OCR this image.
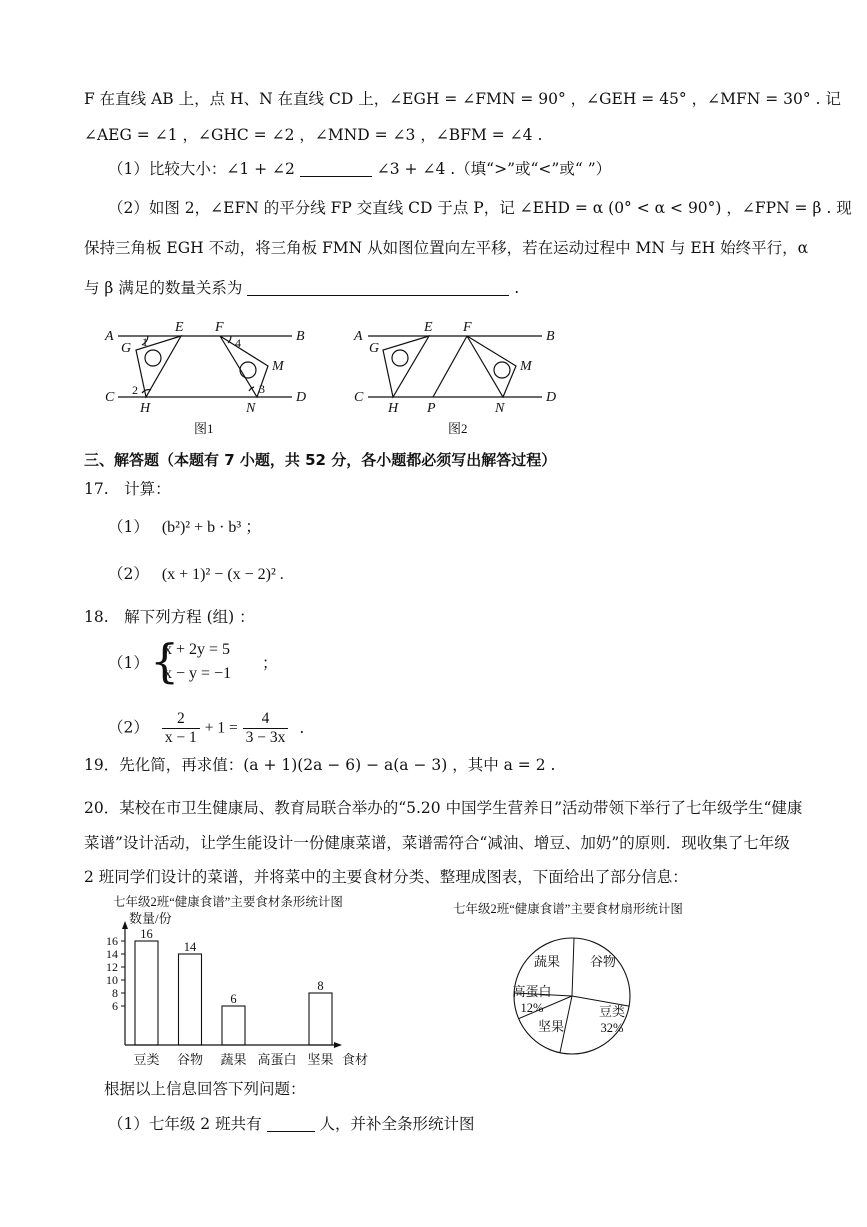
F 在直线 AB 上，点 H、N 在直线 CD 上，∠EGH = ∠FMN = 90° ，∠GEH = 45° ，∠MFN = 30° . 记
∠AEG = ∠1 ，∠GHC = ∠2 ，∠MND = ∠3 ，∠BFM = ∠4 .
（1）比较大小：∠1 + ∠2	∠3 + ∠4 .（填“>”或“<”或“ ”）
（2）如图 2，∠EFN 的平分线 FP 交直线 CD 于点 P，记 ∠EHD = α (0° < α < 90°) ，∠FPN = β . 现
保持三角板 EGH 不动，将三角板 FMN 从如图位置向左平移，若在运动过程中 MN 与 EH 始终平行，α
与 β 满足的数量关系为	.
A	B
C	D
E F
G
H
M
N
1
2	3
4
图1
A	B
C	D
E F
G
H P
M
N
图2
三、解答题（本题有 7 小题，共 52 分，各小题都必须写出解答过程）
17.　计算：
（1） (b²)² + b · b³ ；
（2） (x + 1)² − (x − 2)² .
18.　解下列方程 (组) ：
（1） {
x + 2y = 5
x − y = −1
；
$(2) \frac{2}{x - 1} + 1 = \frac{4}{3 - 3x}$ .
19．先化简，再求值：(a + 1)(2a − 6) − a(a − 3) ，其中 a = 2 .
20．某校在市卫生健康局、教育局联合举办的“5.20 中国学生营养日”活动带领下举行了七年级学生“健康
菜谱”设计活动，让学生能设计一份健康菜谱，菜谱需符合“减油、增豆、加奶”的原则．现收集了七年级
2 班同学们设计的菜谱，并将菜中的主要食材分类、整理成图表，下面给出了部分信息：
七年级2班“健康食谱”主要食材条形统计图
数量/份
食材
6
8
10
12
14
16 16
豆类
14
谷物
6
蔬果 高蛋白
8
坚果
七年级2班“健康食谱”主要食材扇形统计图
谷物
豆类
32%
坚果
高蛋白
12%
蔬果
根据以上信息回答下列问题：
（1）七年级 2 班共有	人，并补全条形统计图
